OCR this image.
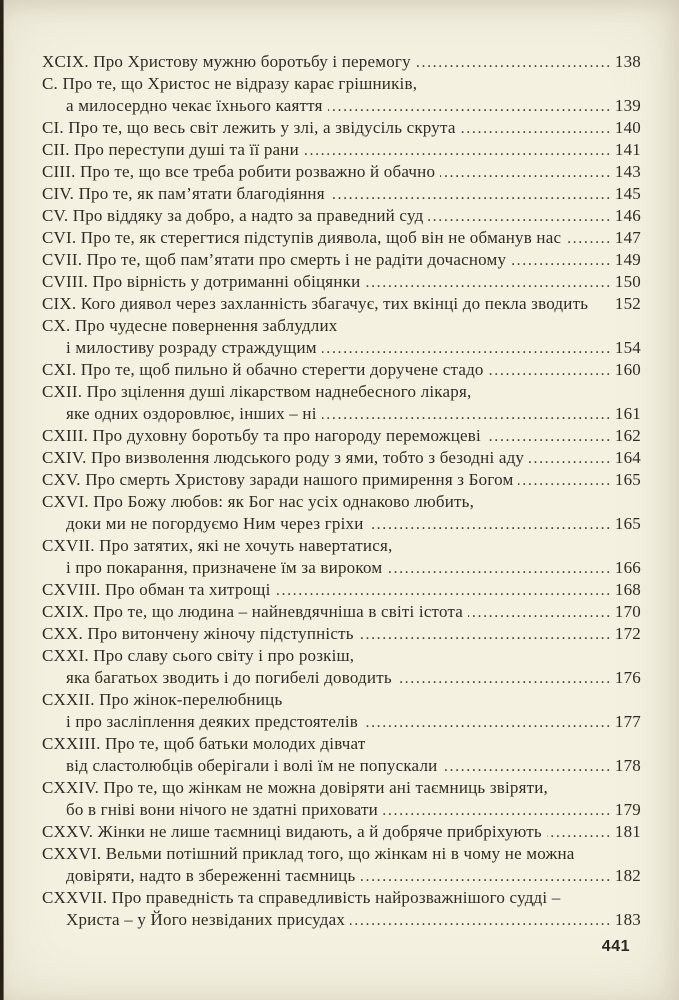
XCIX. Про Христову мужню боротьбу і перемогу .....	138
C. Про те, що Христос не відразу карає грішників,
а милосердно чекає їхнього каяття .....	139
CI. Про те, що весь світ лежить у злі, а звідусіль скрута .....	140
CII. Про переступи душі та її рани .....	141
CIII. Про те, що все треба робити розважно й обачно .....	143
CIV. Про те, як пам’ятати благодіяння .....	145
CV. Про віддяку за добро, а надто за праведний суд .....	146
CVI. Про те, як стерегтися підступів диявола, щоб він не обманув нас .....	147
CVII. Про те, щоб пам’ятати про смерть і не радіти дочасному .....	149
CVIII. Про вірність у дотриманні обіцянки .....	150
CIX. Кого диявол через захланність збагачує, тих вкінці до пекла зводить 152
CX. Про чудесне повернення заблудлих
і милостиву розраду страждущим .....	154
CXI. Про те, щоб пильно й обачно стерегти доручене стадо .....	160
CXII. Про зцілення душі лікарством наднебесного лікаря,
яке одних оздоровлює, інших – ні .....	161
CXIII. Про духовну боротьбу та про нагороду переможцеві .....	162
CXIV. Про визволення людського роду з ями, тобто з безодні аду .....	164
CXV. Про смерть Христову заради нашого примирення з Богом .....	165
CXVI. Про Божу любов: як Бог нас усіх однаково любить,
доки ми не погордуємо Ним через гріхи .....	165
CXVII. Про затятих, які не хочуть навертатися,
і про покарання, призначене їм за вироком .....	166
CXVIII. Про обман та хитрощі .....	168
CXIX. Про те, що людина – найневдячніша в світі істота .....	170
CXX. Про витончену жіночу підступність .....	172
CXXI. Про славу сього світу і про розкіш,
яка багатьох зводить і до погибелі доводить .....	176
CXXII. Про жінок-перелюбниць
і про засліплення деяких предстоятелів .....	177
CXXIII. Про те, щоб батьки молодих дівчат
від сластолюбців оберігали і волі їм не попускали .....	178
CXXIV. Про те, що жінкам не можна довіряти ані таємниць звіряти,
бо в гніві вони нічого не здатні приховати .....	179
CXXV. Жінки не лише таємниці видають, а й добряче прибріхують .....	181
CXXVI. Вельми потішний приклад того, що жінкам ні в чому не можна
довіряти, надто в збереженні таємниць .....	182
CXXVII. Про праведність та справедливість найрозважнішого судді –
Христа – у Його незвіданих присудах .....	183
441
